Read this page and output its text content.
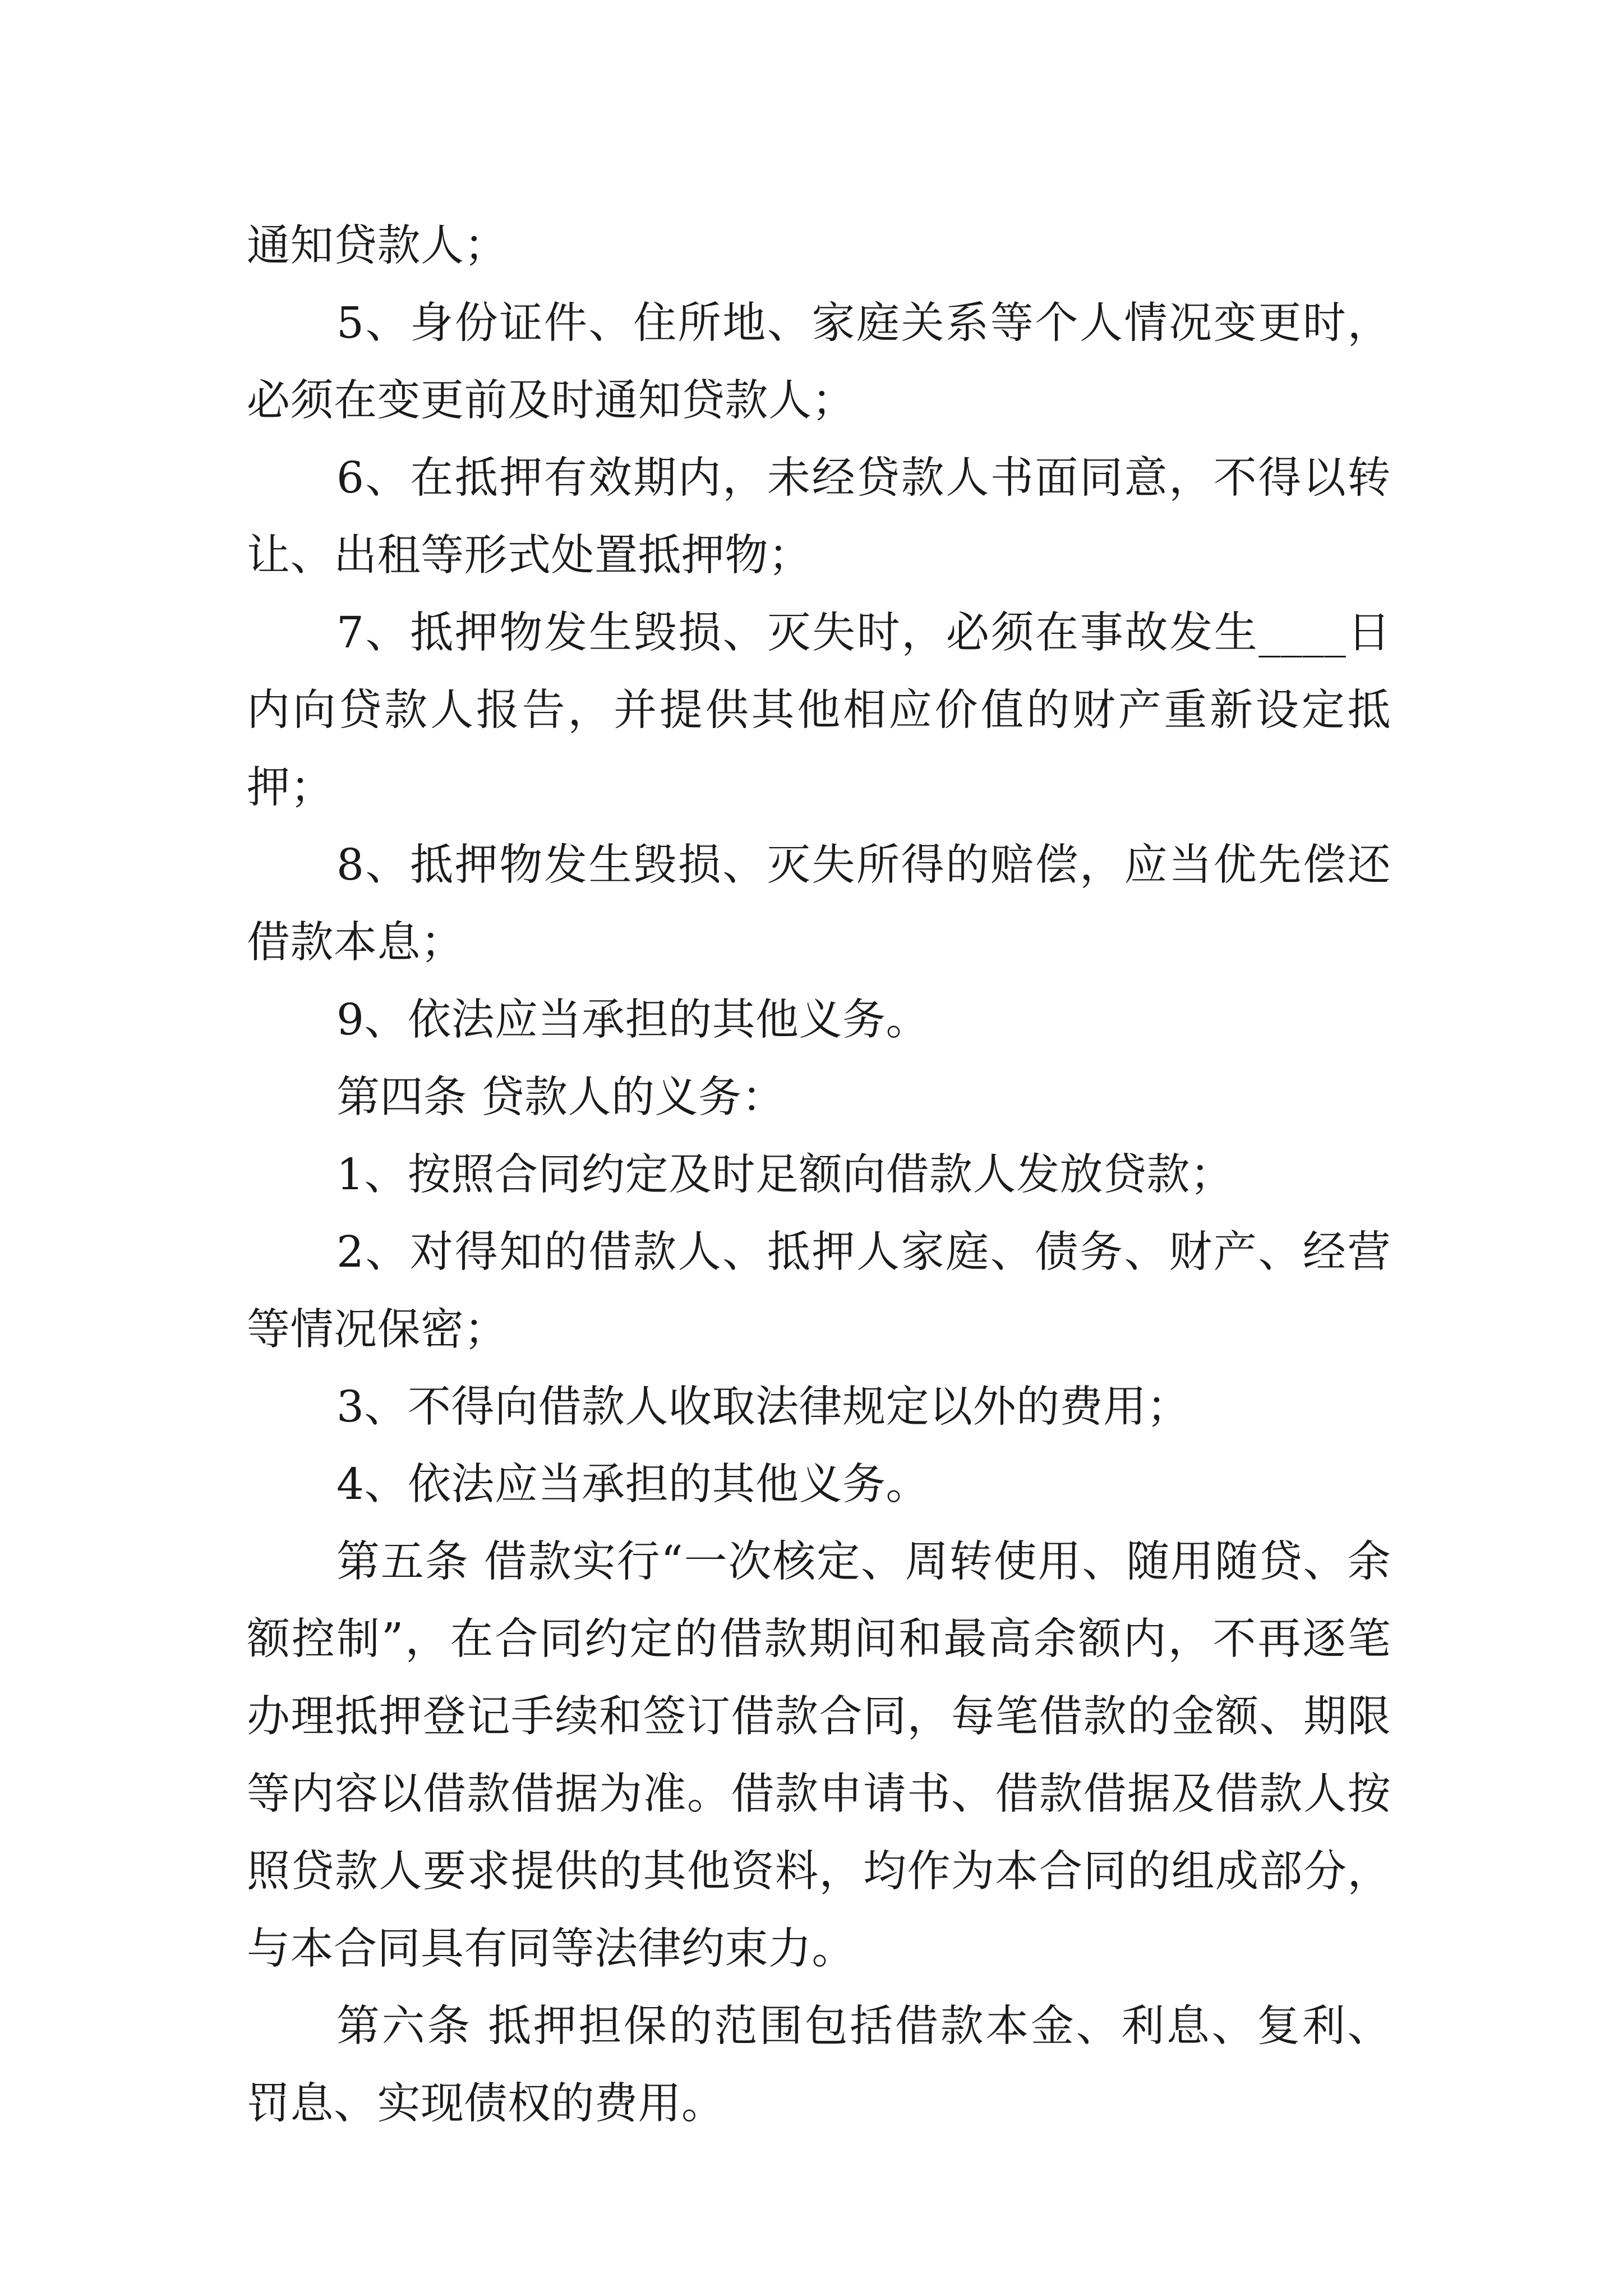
通知贷款人；

5、身份证件、住所地、家庭关系等个人情况变更时，必须在变更前及时通知贷款人；

6、在抵押有效期内，未经贷款人书面同意，不得以转让、出租等形式处置抵押物；

7、抵押物发生毁损、灭失时，必须在事故发生____日内向贷款人报告，并提供其他相应价值的财产重新设定抵押；

8、抵押物发生毁损、灭失所得的赔偿，应当优先偿还借款本息；

9、依法应当承担的其他义务。

第四条 贷款人的义务：

1、按照合同约定及时足额向借款人发放贷款；

2、对得知的借款人、抵押人家庭、债务、财产、经营等情况保密；

3、不得向借款人收取法律规定以外的费用；

4、依法应当承担的其他义务。

第五条 借款实行“一次核定、周转使用、随用随贷、余额控制”，在合同约定的借款期间和最高余额内，不再逐笔办理抵押登记手续和签订借款合同，每笔借款的金额、期限等内容以借款借据为准。借款申请书、借款借据及借款人按照贷款人要求提供的其他资料，均作为本合同的组成部分，与本合同具有同等法律约束力。

第六条 抵押担保的范围包括借款本金、利息、复利、罚息、实现债权的费用。
